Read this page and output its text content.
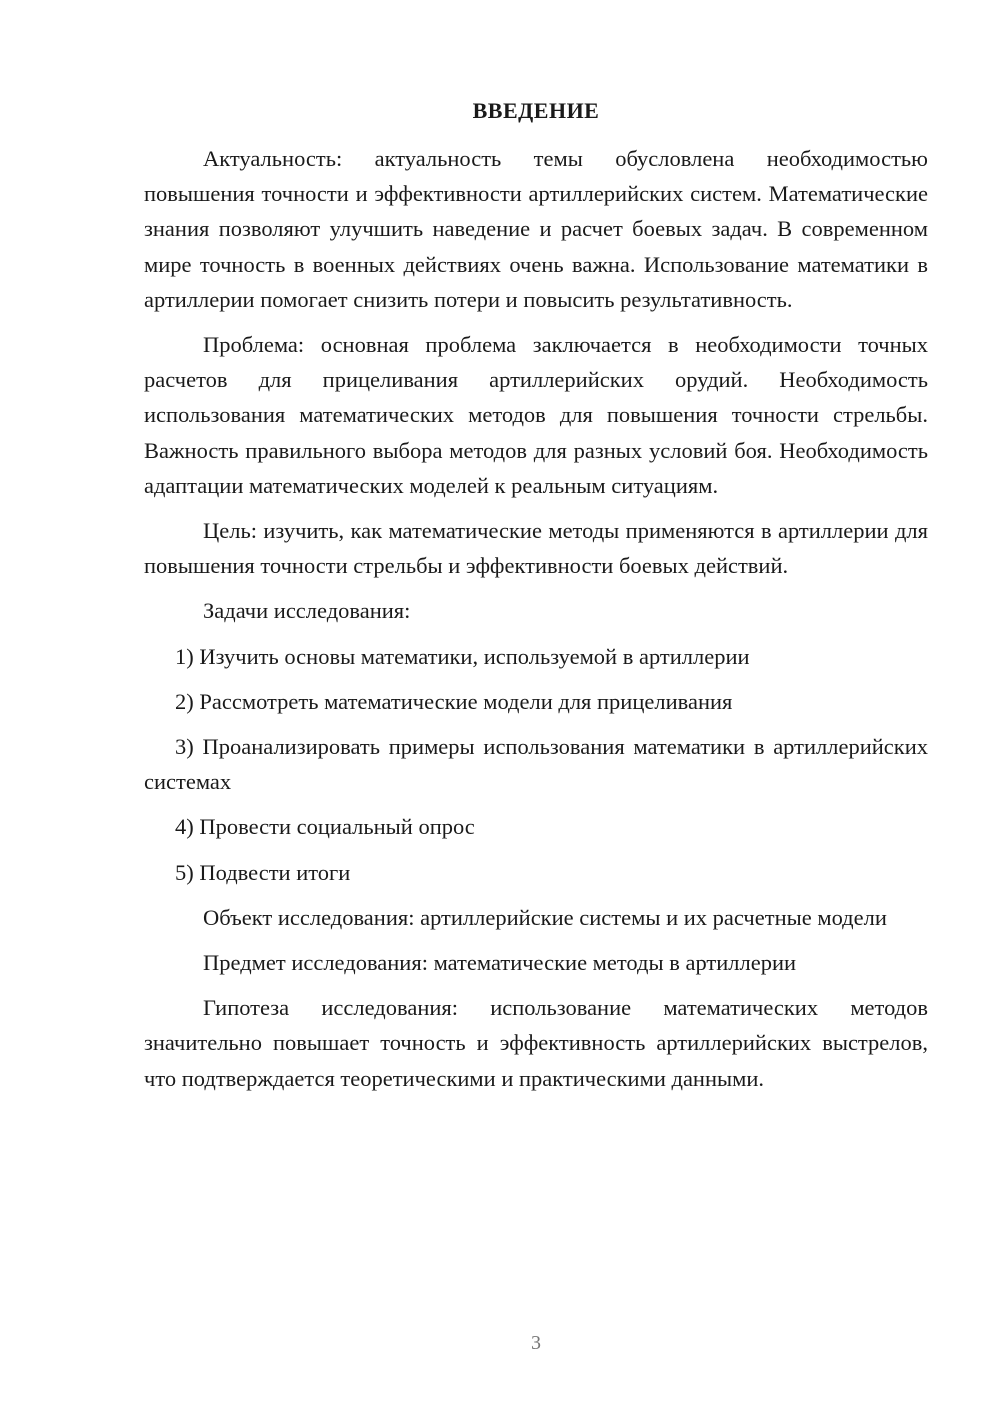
ВВЕДЕНИЕ

Актуальность: актуальность темы обусловлена необходимостью повышения точности и эффективности артиллерийских систем. Математические знания позволяют улучшить наведение и расчет боевых задач. В современном мире точность в военных действиях очень важна. Использование математики в артиллерии помогает снизить потери и повысить результативность.

Проблема: основная проблема заключается в необходимости точных расчетов для прицеливания артиллерийских орудий. Необходимость использования математических методов для повышения точности стрельбы. Важность правильного выбора методов для разных условий боя. Необходимость адаптации математических моделей к реальным ситуациям.

Цель: изучить, как математические методы применяются в артиллерии для повышения точности стрельбы и эффективности боевых действий.

Задачи исследования:

1) Изучить основы математики, используемой в артиллерии

2) Рассмотреть математические модели для прицеливания

3) Проанализировать примеры использования математики в артиллерийских системах

4) Провести социальный опрос

5) Подвести итоги

Объект исследования: артиллерийские системы и их расчетные модели

Предмет исследования: математические методы в артиллерии

Гипотеза исследования: использование математических методов значительно повышает точность и эффективность артиллерийских выстрелов, что подтверждается теоретическими и практическими данными.

3
